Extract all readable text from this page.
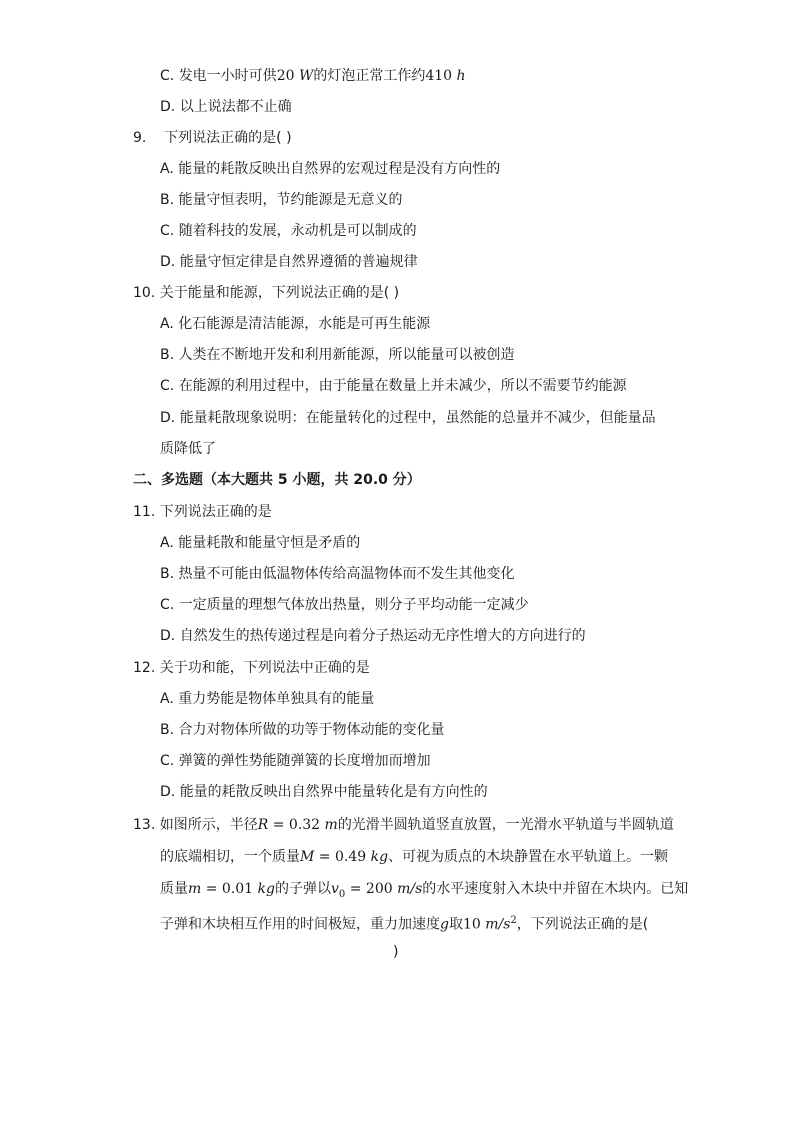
C. 发电一小时可供20 W的灯泡正常工作约410 h
D. 以上说法都不止确
9. 下列说法正确的是( )
A. 能量的耗散反映出自然界的宏观过程是没有方向性的
B. 能量守恒表明，节约能源是无意义的
C. 随着科技的发展，永动机是可以制成的
D. 能量守恒定律是自然界遵循的普遍规律
10. 关于能量和能源，下列说法正确的是( )
A. 化石能源是清洁能源，水能是可再生能源
B. 人类在不断地开发和利用新能源，所以能量可以被创造
C. 在能源的利用过程中，由于能量在数量上并未减少，所以不需要节约能源
D. 能量耗散现象说明：在能量转化的过程中，虽然能的总量并不减少，但能量品
质降低了
二、多选题（本大题共 5 小题，共 20.0 分）
11. 下列说法正确的是
A. 能量耗散和能量守恒是矛盾的
B. 热量不可能由低温物体传给高温物体而不发生其他变化
C. 一定质量的理想气体放出热量，则分子平均动能一定减少
D. 自然发生的热传递过程是向着分子热运动无序性增大的方向进行的
12. 关于功和能，下列说法中正确的是
A. 重力势能是物体单独具有的能量
B. 合力对物体所做的功等于物体动能的变化量
C. 弹簧的弹性势能随弹簧的长度增加而增加
D. 能量的耗散反映出自然界中能量转化是有方向性的
13. 如图所示，半径R = 0.32 m的光滑半圆轨道竖直放置，一光滑水平轨道与半圆轨道
的底端相切，一个质量M = 0.49 kg、可视为质点的木块静置在水平轨道上。一颗
质量m = 0.01 kg的子弹以$v_0 = 200$ m/s的水平速度射入木块中并留在木块内。已知
子弹和木块相互作用的时间极短，重力加速度g取10 $m/s^2$，下列说法正确的是(
)
